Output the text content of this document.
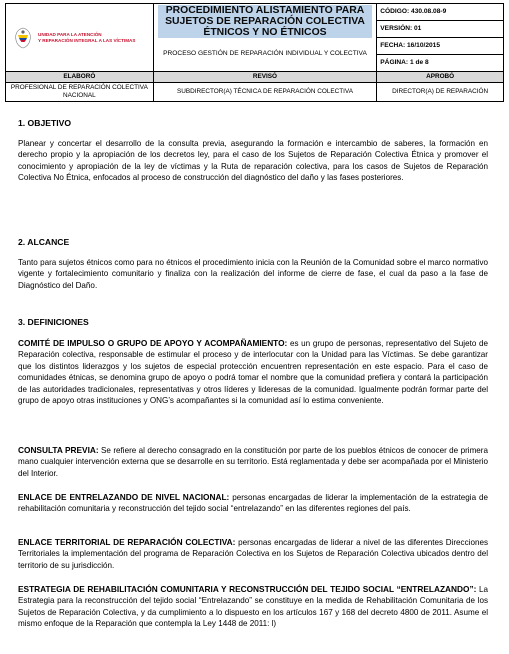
UNIDAD PARA LA ATENCIÓN
Y REPARACIÓN INTEGRAL A LAS VÍCTIMAS

PROCEDIMIENTO ALISTAMIENTO PARA SUJETOS DE REPARACIÓN COLECTIVA ÉTNICOS Y NO ÉTNICOS
PROCESO GESTIÓN DE REPARACIÓN INDIVIDUAL Y COLECTIVA
	CÓDIGO: 430.08.08-9
VERSIÓN: 01
FECHA: 16/10/2015
PÁGINA: 1 de 8
ELABORÓ	REVISÓ	APROBÓ
PROFESIONAL DE REPARACIÓN COLECTIVA NACIONAL	SUBDIRECTOR(A) TÉCNICA DE REPARACIÓN COLECTIVA	DIRECTOR(A) DE REPARACIÓN
1. OBJETIVO
Planear y concertar el desarrollo de la consulta previa, asegurando la formación e intercambio de saberes, la formación en derecho propio y la apropiación de los decretos ley, para el caso de los Sujetos de Reparación Colectiva Étnica y promover el conocimiento y apropiación de la ley de víctimas y la Ruta de reparación colectiva, para los casos de Sujetos de Reparación Colectiva No Étnica, enfocados al proceso de construcción del diagnóstico del daño y las fases posteriores.
2. ALCANCE
Tanto para sujetos étnicos como para no étnicos el procedimiento inicia con la Reunión de la Comunidad sobre el marco normativo vigente y fortalecimiento comunitario y finaliza con la realización del informe de cierre de fase, el cual da paso a la fase de Diagnóstico del Daño.
3. DEFINICIONES
COMITÉ DE IMPULSO O GRUPO DE APOYO Y ACOMPAÑAMIENTO: es un grupo de personas, representativo del Sujeto de Reparación colectiva, responsable de estimular el proceso y de interlocutar con la Unidad para las Víctimas. Se debe garantizar que los distintos liderazgos y los sujetos de especial protección encuentren representación en este espacio. Para el caso de comunidades étnicas, se denomina grupo de apoyo o podrá tomar el nombre que la comunidad prefiera y contará la participación de las autoridades tradicionales, representativas y otros líderes y lideresas de la comunidad. Igualmente podrán formar parte del grupo de apoyo otras instituciones y ONG’s acompañantes si la comunidad así lo estima conveniente.
CONSULTA PREVIA: Se refiere al derecho consagrado en la constitución por parte de los pueblos étnicos de conocer de primera mano cualquier intervención externa que se desarrolle en su territorio. Está reglamentada y debe ser acompañada por el Ministerio del Interior.
ENLACE DE ENTRELAZANDO DE NIVEL NACIONAL: personas encargadas de liderar la implementación de la estrategia de rehabilitación comunitaria y reconstrucción del tejido social “entrelazando” en las diferentes regiones del país.
ENLACE TERRITORIAL DE REPARACIÓN COLECTIVA: personas encargadas de liderar a nivel de las diferentes Direcciones Territoriales la implementación del programa de Reparación Colectiva en los Sujetos de Reparación Colectiva ubicados dentro del territorio de su jurisdicción.
ESTRATEGIA DE REHABILITACIÓN COMUNITARIA Y RECONSTRUCCIÓN DEL TEJIDO SOCIAL “ENTRELAZANDO”: La Estrategia para la reconstrucción del tejido social “Entrelazando” se constituye en la medida de Rehabilitación Comunitaria de los Sujetos de Reparación Colectiva, y da cumplimiento a lo dispuesto en los artículos 167 y 168 del decreto 4800 de 2011. Asume el mismo enfoque de la Reparación que contempla la Ley 1448 de 2011: l)
